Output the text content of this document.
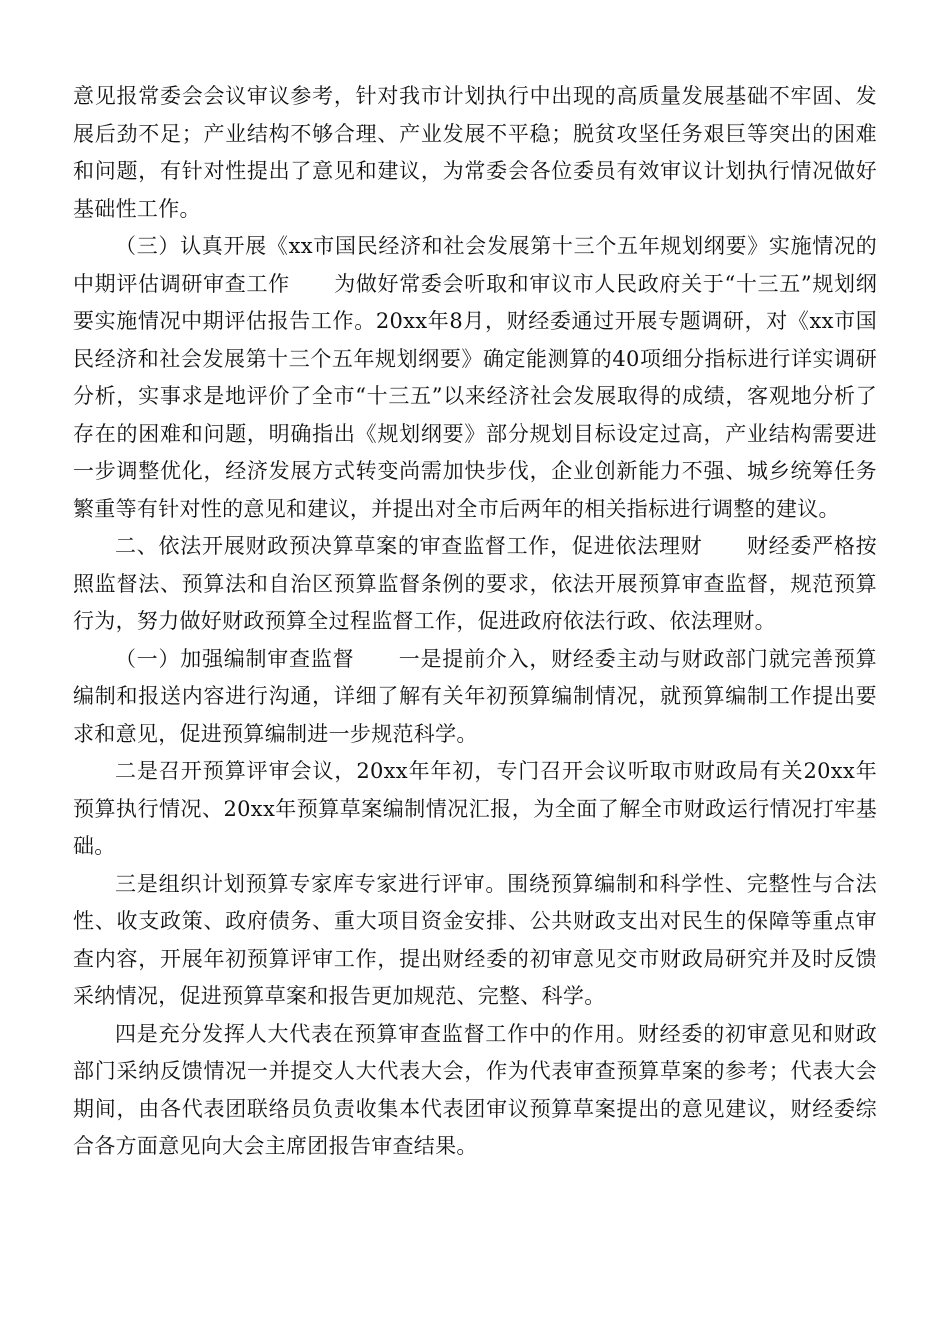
意见报常委会会议审议参考，针对我市计划执行中出现的高质量发展基础不牢固、发展后劲不足；产业结构不够合理、产业发展不平稳；脱贫攻坚任务艰巨等突出的困难和问题，有针对性提出了意见和建议，为常委会各位委员有效审议计划执行情况做好基础性工作。

（三）认真开展《xx市国民经济和社会发展第十三个五年规划纲要》实施情况的中期评估调研审查工作 为做好常委会听取和审议市人民政府关于“十三五”规划纲要实施情况中期评估报告工作。20xx年8月，财经委通过开展专题调研，对《xx市国民经济和社会发展第十三个五年规划纲要》确定能测算的40项细分指标进行详实调研分析，实事求是地评价了全市“十三五”以来经济社会发展取得的成绩，客观地分析了存在的困难和问题，明确指出《规划纲要》部分规划目标设定过高，产业结构需要进一步调整优化，经济发展方式转变尚需加快步伐，企业创新能力不强、城乡统筹任务繁重等有针对性的意见和建议，并提出对全市后两年的相关指标进行调整的建议。

二、依法开展财政预决算草案的审查监督工作，促进依法理财 财经委严格按照监督法、预算法和自治区预算监督条例的要求，依法开展预算审查监督，规范预算行为，努力做好财政预算全过程监督工作，促进政府依法行政、依法理财。

（一）加强编制审查监督 一是提前介入，财经委主动与财政部门就完善预算编制和报送内容进行沟通，详细了解有关年初预算编制情况，就预算编制工作提出要求和意见，促进预算编制进一步规范科学。

二是召开预算评审会议，20xx年年初，专门召开会议听取市财政局有关20xx年预算执行情况、20xx年预算草案编制情况汇报，为全面了解全市财政运行情况打牢基础。

三是组织计划预算专家库专家进行评审。围绕预算编制和科学性、完整性与合法性、收支政策、政府债务、重大项目资金安排、公共财政支出对民生的保障等重点审查内容，开展年初预算评审工作，提出财经委的初审意见交市财政局研究并及时反馈采纳情况，促进预算草案和报告更加规范、完整、科学。

四是充分发挥人大代表在预算审查监督工作中的作用。财经委的初审意见和财政部门采纳反馈情况一并提交人大代表大会，作为代表审查预算草案的参考；代表大会期间，由各代表团联络员负责收集本代表团审议预算草案提出的意见建议，财经委综合各方面意见向大会主席团报告审查结果。
